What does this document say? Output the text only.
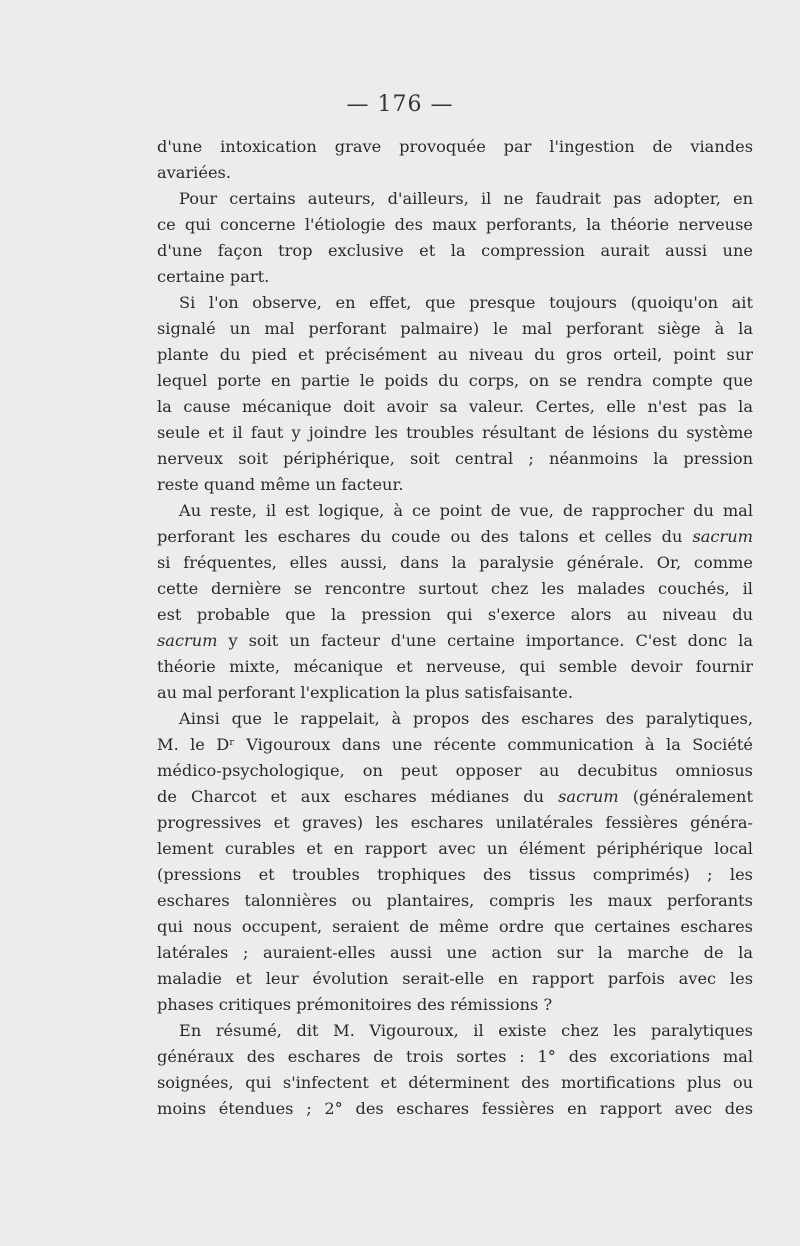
— 176 —
d'une intoxication grave provoquée par l'ingestion de viandes
avariées.
Pour certains auteurs, d'ailleurs, il ne faudrait pas adopter, en
ce qui concerne l'étiologie des maux perforants, la théorie nerveuse
d'une façon trop exclusive et la compression aurait aussi une
certaine part.
Si l'on observe, en effet, que presque toujours (quoiqu'on ait
signalé un mal perforant palmaire) le mal perforant siège à la
plante du pied et précisément au niveau du gros orteil, point sur
lequel porte en partie le poids du corps, on se rendra compte que
la cause mécanique doit avoir sa valeur. Certes, elle n'est pas la
seule et il faut y joindre les troubles résultant de lésions du système
nerveux soit périphérique, soit central ; néanmoins la pression
reste quand même un facteur.
Au reste, il est logique, à ce point de vue, de rapprocher du mal
perforant les eschares du coude ou des talons et celles du sacrum
si fréquentes, elles aussi, dans la paralysie générale. Or, comme
cette dernière se rencontre surtout chez les malades couchés, il
est probable que la pression qui s'exerce alors au niveau du
sacrum y soit un facteur d'une certaine importance. C'est donc la
théorie mixte, mécanique et nerveuse, qui semble devoir fournir
au mal perforant l'explication la plus satisfaisante.
Ainsi que le rappelait, à propos des eschares des paralytiques,
M. le Dʳ Vigouroux dans une récente communication à la Société
médico-psychologique, on peut opposer au decubitus omniosus
de Charcot et aux eschares médianes du sacrum (généralement
progressives et graves) les eschares unilatérales fessières généra-
lement curables et en rapport avec un élément périphérique local
(pressions et troubles trophiques des tissus comprimés) ; les
eschares talonnières ou plantaires, compris les maux perforants
qui nous occupent, seraient de même ordre que certaines eschares
latérales ; auraient-elles aussi une action sur la marche de la
maladie et leur évolution serait-elle en rapport parfois avec les
phases critiques prémonitoires des rémissions ?
En résumé, dit M. Vigouroux, il existe chez les paralytiques
généraux des eschares de trois sortes : 1° des excoriations mal
soignées, qui s'infectent et déterminent des mortifications plus ou
moins étendues ; 2° des eschares fessières en rapport avec des
